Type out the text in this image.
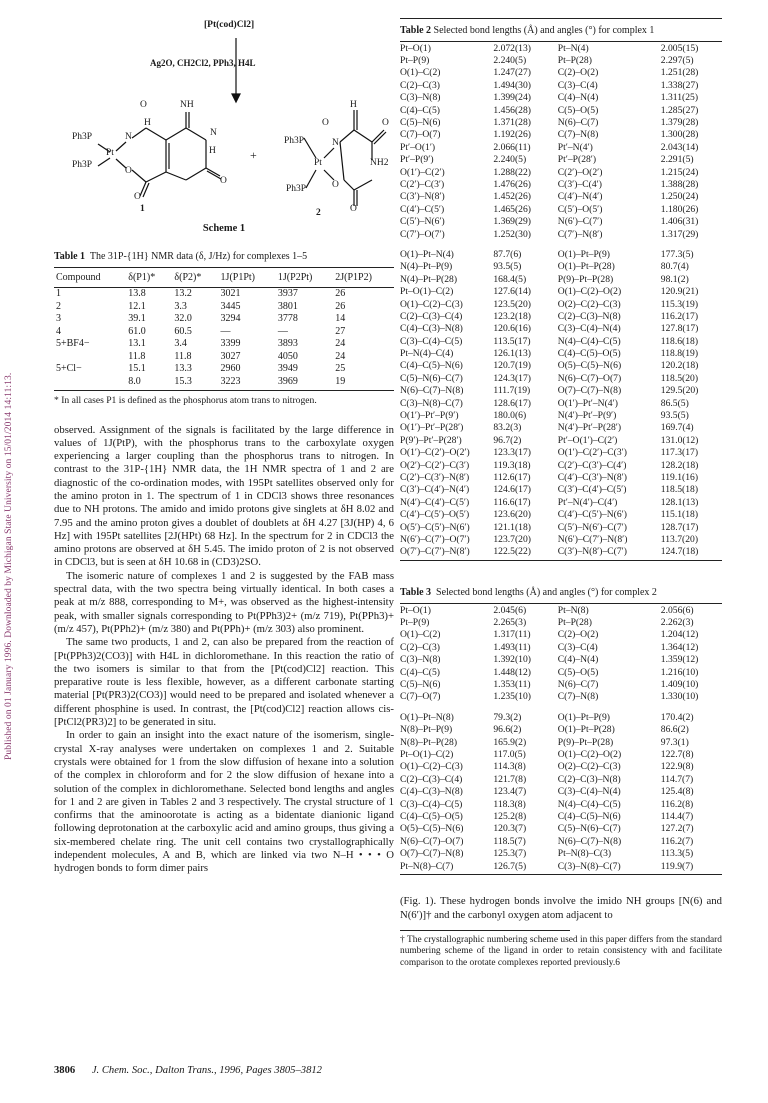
Published on 01 January 1996. Downloaded by Michigan State University on 15/01/2014 14:11:13.
[Pt(cod)Cl2]
Ag2O, CH2Cl2, PPh3, H4L
O	NH
Ph3P
Ph3P
Pt
H
N
O
N
H
O
O
+
H
O	O
Ph3P	N
NH2
Pt
Ph3P	O
O
1	2
Scheme 1
Table 1 The 31P-{1H} NMR data (δ, J/Hz) for complexes 1–5
Compound	δ(P1)*	δ(P2)*	1J(P1Pt)	1J(P2Pt)	2J(P1P2)
1	13.8	13.2	3021	3937	26
2	12.1	3.3	3445	3801	26
3	39.1	32.0	3294	3778	14
4	61.0	60.5	—	—	27
5+BF4−	13.1	3.4	3399	3893	24
	11.8	11.8	3027	4050	24
5+Cl−	15.1	13.3	2960	3949	25
	8.0	15.3	3223	3969	19
* In all cases P1 is defined as the phosphorus atom trans to nitrogen.

observed. Assignment of the signals is facilitated by the large difference in values of 1J(PtP), with the phosphorus trans to the carboxylate oxygen experiencing a larger coupling than the phosphorus trans to nitrogen. In contrast to the 31P-{1H} NMR data, the 1H NMR spectra of 1 and 2 are diagnostic of the co-ordination modes, with 195Pt satellites observed only for the amino proton in 1. The spectrum of 1 in CDCl3 shows three resonances due to NH protons. The amido and imido protons give singlets at δH 8.02 and 7.95 and the amino proton gives a doublet of doublets at δH 4.27 [3J(HP) 4, 6 Hz] with 195Pt satellites [2J(HPt) 68 Hz]. In the spectrum for 2 in CDCl3 the amino protons are observed at δH 5.45. The imido proton of 2 is not observed in CDCl3, but is seen at δH 10.68 in (CD3)2SO.

The isomeric nature of complexes 1 and 2 is suggested by the FAB mass spectral data, with the two spectra being virtually identical. In both cases a peak at m/z 888, corresponding to M+, was observed as the highest-intensity peak, with smaller signals corresponding to Pt(PPh3)2+ (m/z 719), Pt(PPh3)+ (m/z 457), Pt(PPh2)+ (m/z 380) and Pt(PPh)+ (m/z 303) also prominent.

The same two products, 1 and 2, can also be prepared from the reaction of [Pt(PPh3)2(CO3)] with H4L in dichloromethane. In this reaction the ratio of the two isomers is similar to that from the [Pt(cod)Cl2] reaction. This preparative route is less flexible, however, as a different carbonate starting material [Pt(PR3)2(CO3)] would need to be prepared and isolated whenever a different phosphine is used. In contrast, the [Pt(cod)Cl2] reaction allows cis-[PtCl2(PR3)2] to be generated in situ.

In order to gain an insight into the exact nature of the isomerism, single-crystal X-ray analyses were undertaken on complexes 1 and 2. Suitable crystals were obtained for 1 from the slow diffusion of hexane into a solution of the complex in chloroform and for 2 the slow diffusion of hexane into a solution of the complex in dichloromethane. Selected bond lengths and angles for 1 and 2 are given in Tables 2 and 3 respectively. The crystal structure of 1 confirms that the aminoorotate is acting as a bidentate dianionic ligand following deprotonation at the carboxylic acid and amino groups, thus giving a six-membered chelate ring. The unit cell contains two crystallographically independent molecules, A and B, which are linked via two N–H • • • O hydrogen bonds to form dimer pairs

Table 2 Selected bond lengths (Å) and angles (°) for complex 1
Pt–O(1)	2.072(13)	Pt–N(4)	2.005(15)
Pt–P(9)	2.240(5)	Pt–P(28)	2.297(5)
O(1)–C(2)	1.247(27)	C(2)–O(2)	1.251(28)
C(2)–C(3)	1.494(30)	C(3)–C(4)	1.338(27)
C(3)–N(8)	1.399(24)	C(4)–N(4)	1.311(25)
C(4)–C(5)	1.456(28)	C(5)–O(5)	1.285(27)
C(5)–N(6)	1.371(28)	N(6)–C(7)	1.379(28)
C(7)–O(7)	1.192(26)	C(7)–N(8)	1.300(28)
Pt′–O(1′)	2.066(11)	Pt′–N(4′)	2.043(14)
Pt′–P(9′)	2.240(5)	Pt′–P(28′)	2.291(5)
O(1′)–C(2′)	1.288(22)	C(2′)–O(2′)	1.215(24)
C(2′)–C(3′)	1.476(26)	C(3′)–C(4′)	1.388(28)
C(3′)–N(8′)	1.452(26)	C(4′)–N(4′)	1.250(24)
C(4′)–C(5′)	1.465(26)	C(5′)–O(5′)	1.180(26)
C(5′)–N(6′)	1.369(29)	N(6′)–C(7′)	1.406(31)
C(7′)–O(7′)	1.252(30)	C(7′)–N(8′)	1.317(29)

O(1)–Pt–N(4)	87.7(6)	O(1)–Pt–P(9)	177.3(5)
N(4)–Pt–P(9)	93.5(5)	O(1)–Pt–P(28)	80.7(4)
N(4)–Pt–P(28)	168.4(5)	P(9)–Pt–P(28)	98.1(2)
Pt–O(1)–C(2)	127.6(14)	O(1)–C(2)–O(2)	120.9(21)
O(1)–C(2)–C(3)	123.5(20)	O(2)–C(2)–C(3)	115.3(19)
C(2)–C(3)–C(4)	123.2(18)	C(2)–C(3)–N(8)	116.2(17)
C(4)–C(3)–N(8)	120.6(16)	C(3)–C(4)–N(4)	127.8(17)
C(3)–C(4)–C(5)	113.5(17)	N(4)–C(4)–C(5)	118.6(18)
Pt–N(4)–C(4)	126.1(13)	C(4)–C(5)–O(5)	118.8(19)
C(4)–C(5)–N(6)	120.7(19)	O(5)–C(5)–N(6)	120.2(18)
C(5)–N(6)–C(7)	124.3(17)	N(6)–C(7)–O(7)	118.5(20)
N(6)–C(7)–N(8)	111.7(19)	O(7)–C(7)–N(8)	129.5(20)
C(3)–N(8)–C(7)	128.6(17)	O(1′)–Pt′–N(4′)	86.5(5)
O(1′)–Pt′–P(9′)	180.0(6)	N(4′)–Pt′–P(9′)	93.5(5)
O(1′)–Pt′–P(28′)	83.2(3)	N(4′)–Pt′–P(28′)	169.7(4)
P(9′)–Pt′–P(28′)	96.7(2)	Pt′–O(1′)–C(2′)	131.0(12)
O(1′)–C(2′)–O(2′)	123.3(17)	O(1′)–C(2′)–C(3′)	117.3(17)
O(2′)–C(2′)–C(3′)	119.3(18)	C(2′)–C(3′)–C(4′)	128.2(18)
C(2′)–C(3′)–N(8′)	112.6(17)	C(4′)–C(3′)–N(8′)	119.1(16)
C(3′)–C(4′)–N(4′)	124.6(17)	C(3′)–C(4′)–C(5′)	118.5(18)
N(4′)–C(4′)–C(5′)	116.6(17)	Pt′–N(4′)–C(4′)	128.1(13)
C(4′)–C(5′)–O(5′)	123.6(20)	C(4′)–C(5′)–N(6′)	115.1(18)
O(5′)–C(5′)–N(6′)	121.1(18)	C(5′)–N(6′)–C(7′)	128.7(17)
N(6′)–C(7′)–O(7′)	123.7(20)	N(6′)–C(7′)–N(8′)	113.7(20)
O(7′)–C(7′)–N(8′)	122.5(22)	C(3′)–N(8′)–C(7′)	124.7(18)
Table 3 Selected bond lengths (Å) and angles (°) for complex 2
Pt–O(1)	2.045(6)	Pt–N(8)	2.056(6)
Pt–P(9)	2.265(3)	Pt–P(28)	2.262(3)
O(1)–C(2)	1.317(11)	C(2)–O(2)	1.204(12)
C(2)–C(3)	1.493(11)	C(3)–C(4)	1.364(12)
C(3)–N(8)	1.392(10)	C(4)–N(4)	1.359(12)
C(4)–C(5)	1.448(12)	C(5)–O(5)	1.216(10)
C(5)–N(6)	1.353(11)	N(6)–C(7)	1.409(10)
C(7)–O(7)	1.235(10)	C(7)–N(8)	1.330(10)

O(1)–Pt–N(8)	79.3(2)	O(1)–Pt–P(9)	170.4(2)
N(8)–Pt–P(9)	96.6(2)	O(1)–Pt–P(28)	86.6(2)
N(8)–Pt–P(28)	165.9(2)	P(9)–Pt–P(28)	97.3(1)
Pt–O(1)–C(2)	117.0(5)	O(1)–C(2)–O(2)	122.7(8)
O(1)–C(2)–C(3)	114.3(8)	O(2)–C(2)–C(3)	122.9(8)
C(2)–C(3)–C(4)	121.7(8)	C(2)–C(3)–N(8)	114.7(7)
C(4)–C(3)–N(8)	123.4(7)	C(3)–C(4)–N(4)	125.4(8)
C(3)–C(4)–C(5)	118.3(8)	N(4)–C(4)–C(5)	116.2(8)
C(4)–C(5)–O(5)	125.2(8)	C(4)–C(5)–N(6)	114.4(7)
O(5)–C(5)–N(6)	120.3(7)	C(5)–N(6)–C(7)	127.2(7)
N(6)–C(7)–O(7)	118.5(7)	N(6)–C(7)–N(8)	116.2(7)
O(7)–C(7)–N(8)	125.3(7)	Pt–N(8)–C(3)	113.3(5)
Pt–N(8)–C(7)	126.7(5)	C(3)–N(8)–C(7)	119.9(7)

(Fig. 1). These hydrogen bonds involve the imido NH groups [N(6) and N(6′)]† and the carbonyl oxygen atom adjacent to

† The crystallographic numbering scheme used in this paper differs from the standard numbering scheme of the ligand in order to retain consistency with and facilitate comparison to the orotate complexes reported previously.6
3806 J. Chem. Soc., Dalton Trans., 1996, Pages 3805–3812
